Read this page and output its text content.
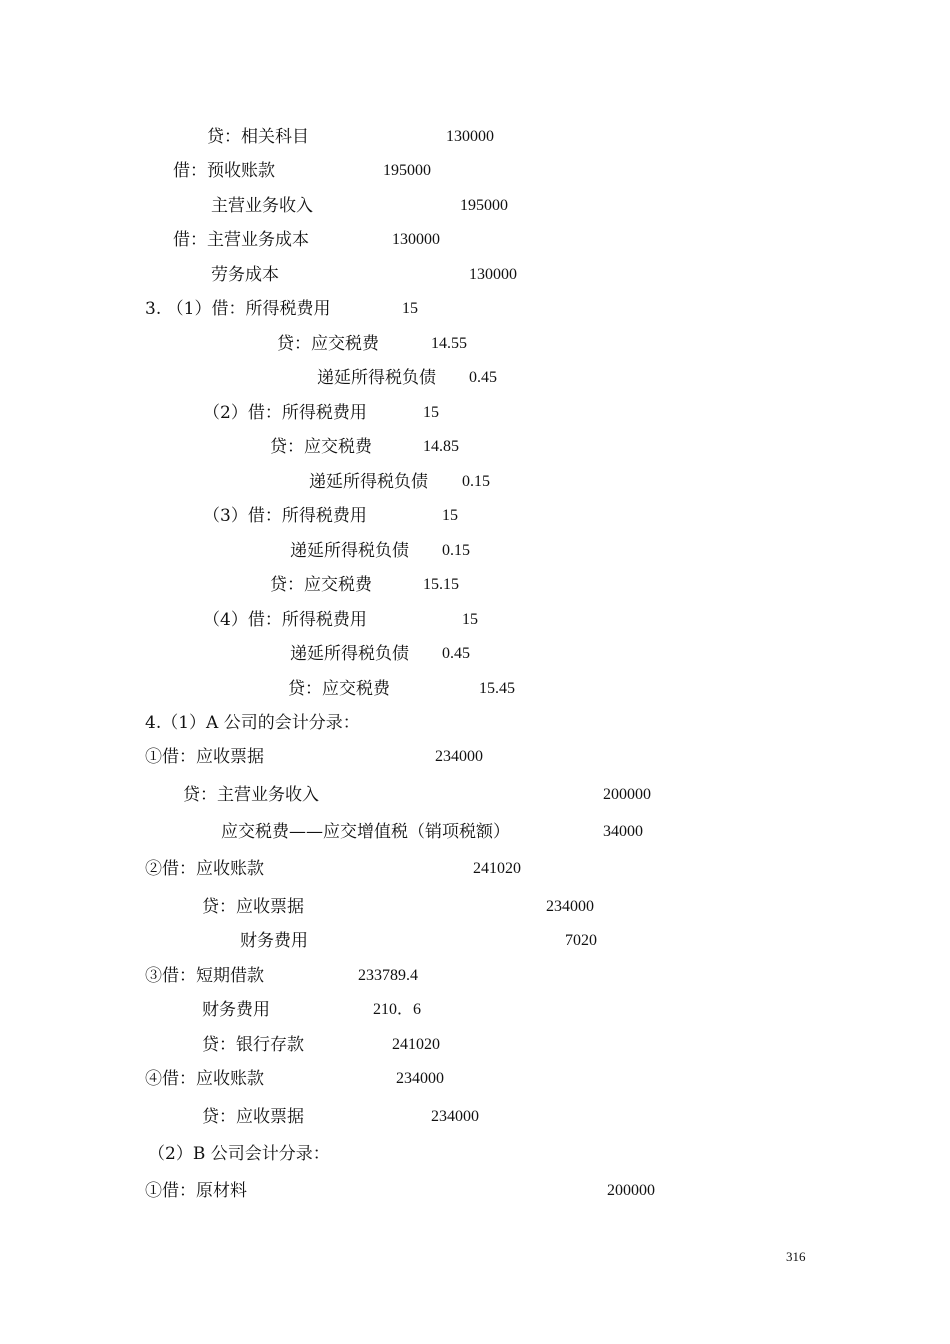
贷：相关科目	130000
借：预收账款	195000
主营业务收入	195000
借：主营业务成本	130000
劳务成本	130000
3. （1）借：所得税费用	15
贷：应交税费	14.55
递延所得税负债 0.45
（2）借：所得税费用	15
贷：应交税费	14.85
递延所得税负债 0.15
（3）借：所得税费用	15
递延所得税负债 0.15
贷：应交税费	15.15
（4）借：所得税费用	15
递延所得税负债 0.45
贷：应交税费	15.45
4.（1）A 公司的会计分录：
①借：应收票据	234000
贷：主营业务收入	200000
应交税费——应交增值税（销项税额）	34000
②借：应收账款	241020
贷：应收票据	234000
财务费用	7020
③借：短期借款	233789.4
财务费用	210．6
贷：银行存款	241020
④借：应收账款	234000
贷：应收票据	234000
（2）B 公司会计分录：
①借：原材料	200000
316
